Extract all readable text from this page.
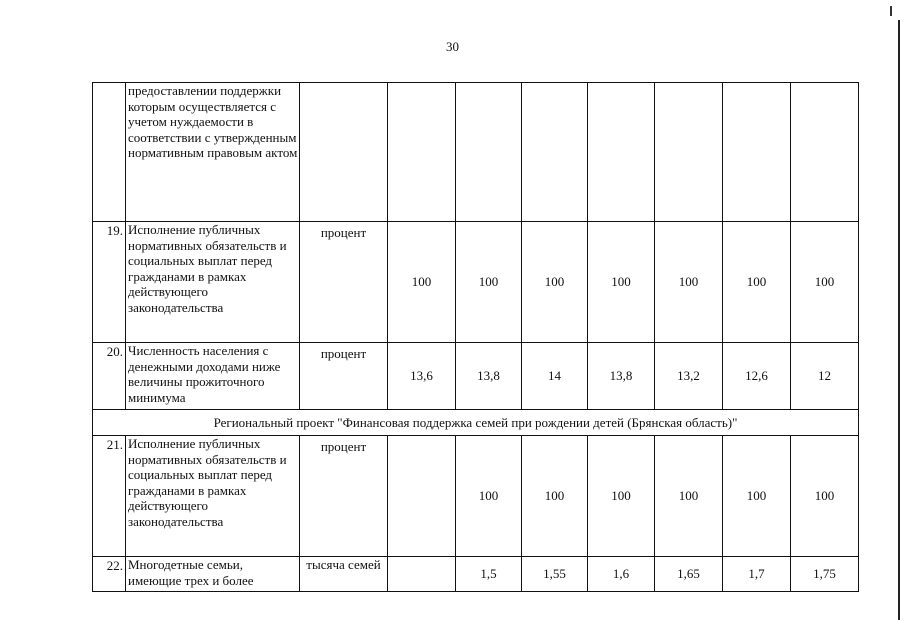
30
	предоставлении поддержки которым осуществляется с учетом нуждаемости в соответствии с утвержденным нормативным правовым актом								
19.	Исполнение публичных нормативных обязательств и социальных выплат перед гражданами в рамках действующего законодательства	процент	100	100	100	100	100	100	100
20.	Численность населения с денежными доходами ниже величины прожиточного минимума	процент	13,6	13,8	14	13,8	13,2	12,6	12
Региональный проект "Финансовая поддержка семей при рождении детей (Брянская область)"									
21.	Исполнение публичных нормативных обязательств и социальных выплат перед гражданами в рамках действующего законодательства	процент		100	100	100	100	100	100
22.	Многодетные семьи, имеющие трех и более	тысяча семей		1,5	1,55	1,6	1,65	1,7	1,75
